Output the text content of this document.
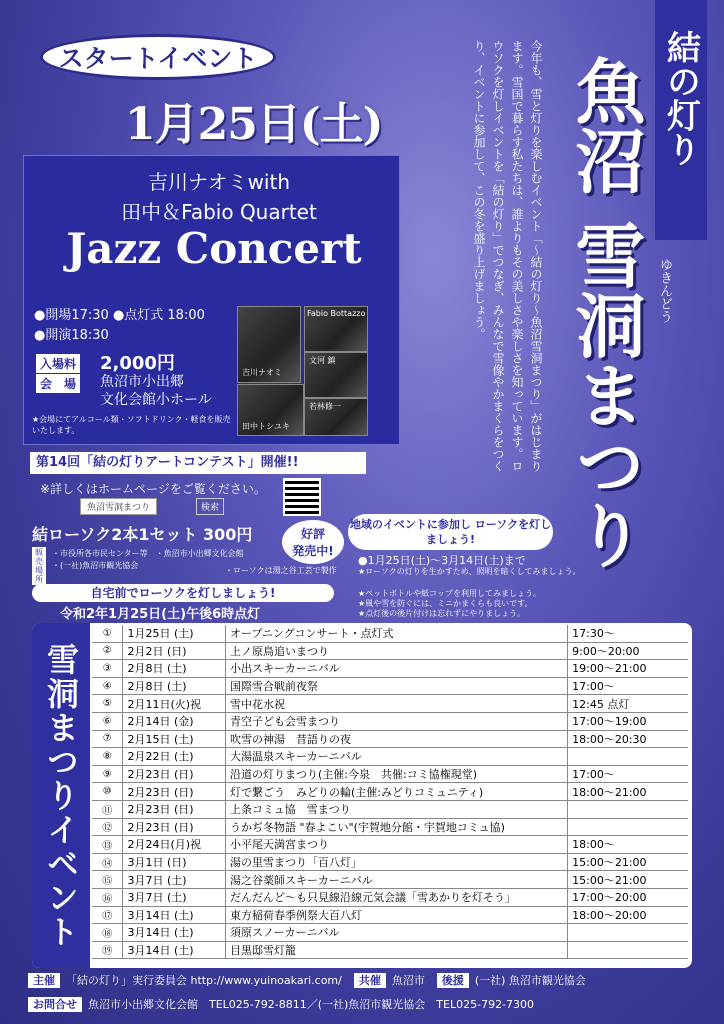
スタートイベント
1月25日(土)
吉川ナオミwith
田中＆Fabio Quartet
Jazz Concert
●開場17:30 ●点灯式 18:00
●開演18:30
入場料 2,000円
会　場 魚沼市小出郷
文化会館小ホール
★会場にてアルコール類・ソフトドリンク・軽食を販売いたします。
吉川ナオミ
Fabio Bottazzo
文河 鎮
田中トシユキ
若林修一	今年も、雪と灯りを楽しむイベント「〜結の灯り〜魚沼雪洞まつり」がはじまります。雪国で暮らす私たちは、誰よりもその美しさや楽しさを知っています。ロウソクを灯しイベントを「結の灯り」でつなぎ、みんなで雪像やかまくらをつくり、イベントに参加して、この冬を盛り上げましょう。	結の灯り
ゆきんどう
魚沼 雪洞まつり
第14回「結の灯りアートコンテスト」開催!!
※詳しくはホームページをご覧ください。
魚沼雪洞まつり	検索
結ローソク2本1セット 300円	好評
発売中!
販売場所
・市役所各市民センター等　・魚沼市小出郷文化会館
・(一社)魚沼市観光協会
・ローソクは湯之谷工芸で製作
地域のイベントに参加し ローソクを灯しましょう!
●1月25日(土)〜3月14日(土)まで
★ローソクの灯りを生かすため、照明を暗くしてみましょう。
★ペットボトルや紙コップを利用してみましょう。
★風や雪を防ぐには、ミニかまくらも良いです。
★点灯後の後片付けは忘れずにやりましょう。
自宅前でローソクを灯しましょう!
令和2年1月25日(土)午後6時点灯
雪洞まつりイベント
①	1月25日 (土)	オープニングコンサート・点灯式	17:30〜
②	2月2日 (日)	上ノ原鳥追いまつり	9:00〜20:00
③	2月8日 (土)	小出スキーカーニバル	19:00〜21:00
④	2月8日 (土)	国際雪合戦前夜祭	17:00〜
⑤	2月11日(火)祝	雪中花水祝	12:45 点灯
⑥	2月14日 (金)	青空子ども会雪まつり	17:00〜19:00
⑦	2月15日 (土)	吹雪の神湯　昔語りの夜	18:00〜20:30
⑧	2月22日 (土)	大湯温泉スキーカーニバル	
⑨	2月23日 (日)	沿道の灯りまつり(主催:今泉　共催:コミ協権現堂)	17:00〜
⑩	2月23日 (日)	灯で繋ごう　みどりの輪(主催:みどりコミュニティ)	18:00〜21:00
⑪	2月23日 (日)	上条コミュ協　雪まつり	
⑫	2月23日 (日)	うかぢ冬物語 "春よこい"(宇賀地分館・宇賀地コミュ協)	
⑬	2月24日(月)祝	小平尾天満宮まつり	18:00〜
⑭	3月1日 (日)	湯の里雪まつり「百八灯」	15:00〜21:00
⑮	3月7日 (土)	湯之谷薬師スキーカーニバル	15:00〜21:00
⑯	3月7日 (土)	だんだんど〜も只見線沿線元気会議「雪あかりを灯そう」	17:00〜20:00
⑰	3月14日 (土)	東方稲荷春季例祭大百八灯	18:00〜20:00
⑱	3月14日 (土)	須原スノーカーニバル	
⑲	3月14日 (土)	目黒邸雪灯籠	
主催 「結の灯り」実行委員会 http://www.yuinoakari.com/ 共催 魚沼市 後援 (一社) 魚沼市観光協会
お問合せ 魚沼市小出郷文化会館　TEL025-792-8811／(一社)魚沼市観光協会　TEL025-792-7300
